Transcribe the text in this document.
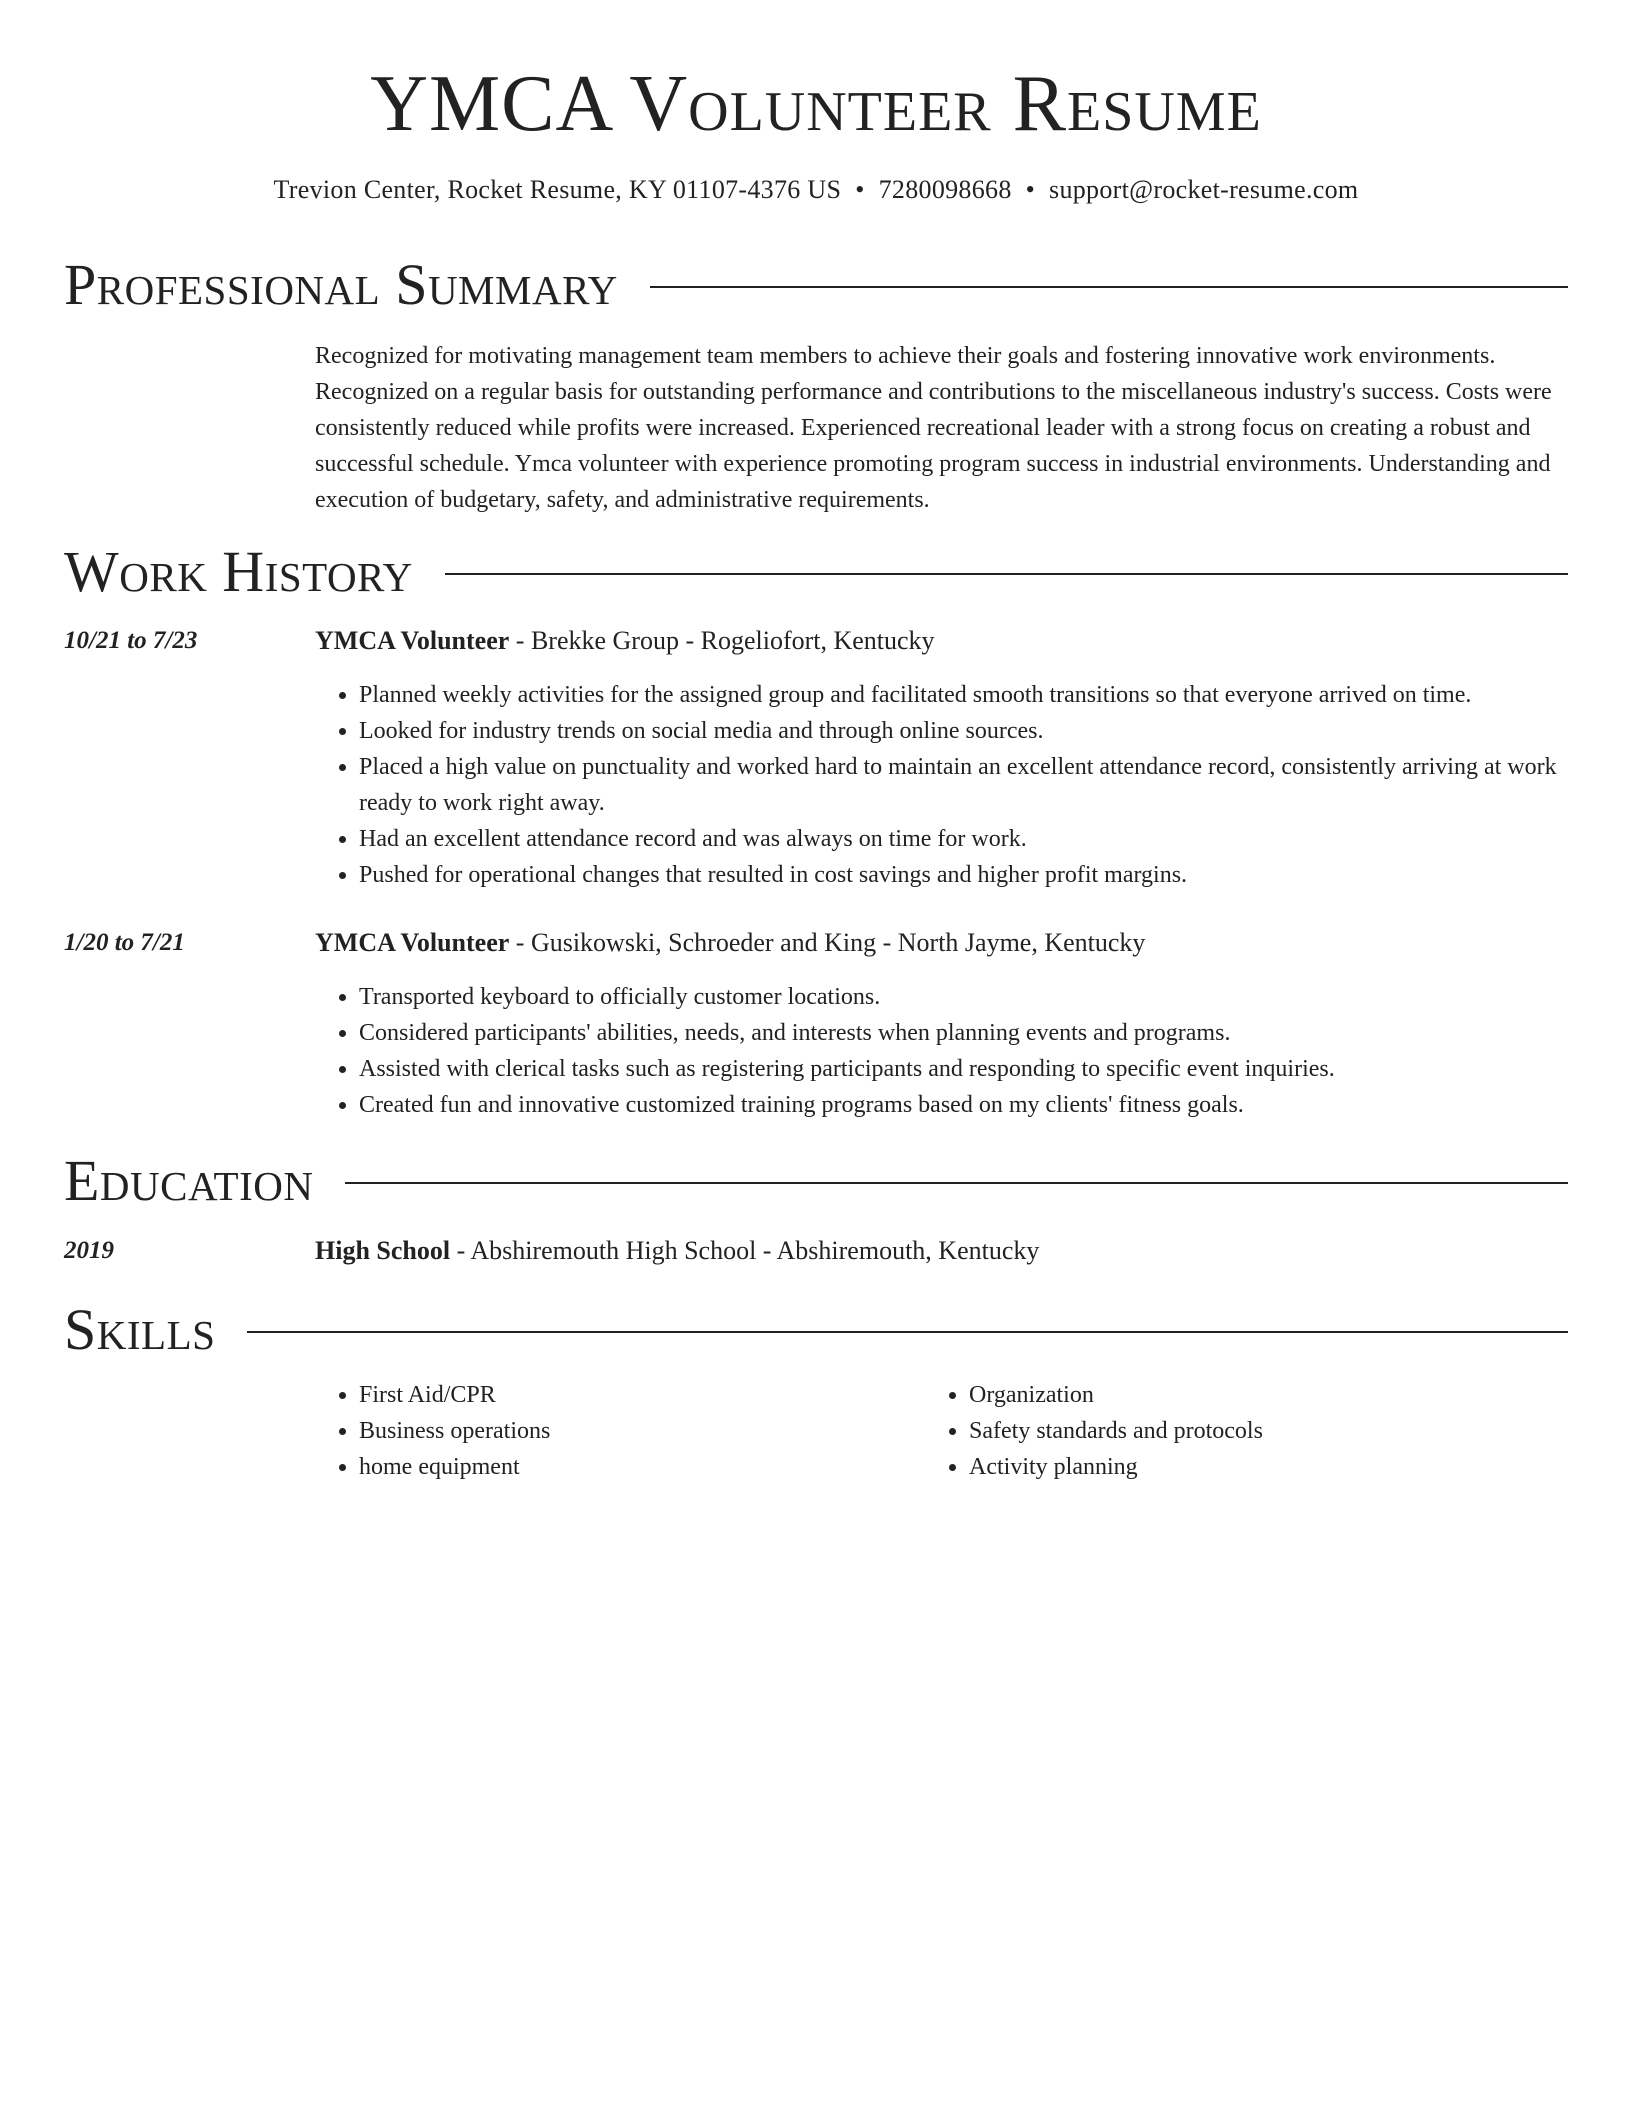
YMCA Volunteer Resume
Trevion Center, Rocket Resume, KY 01107-4376 US • 7280098668 • support@rocket-resume.com
Professional Summary

Recognized for motivating management team members to achieve their goals and fostering innovative work environments. Recognized on a regular basis for outstanding performance and contributions to the miscellaneous industry's success. Costs were consistently reduced while profits were increased. Experienced recreational leader with a strong focus on creating a robust and successful schedule. Ymca volunteer with experience promoting program success in industrial environments. Understanding and execution of budgetary, safety, and administrative requirements.

Work History
10/21 to 7/23	YMCA Volunteer - Brekke Group - Rogeliofort, Kentucky
• Planned weekly activities for the assigned group and facilitated smooth transitions so that everyone arrived on time.
• Looked for industry trends on social media and through online sources.
• Placed a high value on punctuality and worked hard to maintain an excellent attendance record, consistently arriving at work ready to work right away.
• Had an excellent attendance record and was always on time for work.
• Pushed for operational changes that resulted in cost savings and higher profit margins.
1/20 to 7/21	YMCA Volunteer - Gusikowski, Schroeder and King - North Jayme, Kentucky
• Transported keyboard to officially customer locations.
• Considered participants' abilities, needs, and interests when planning events and programs.
• Assisted with clerical tasks such as registering participants and responding to specific event inquiries.
• Created fun and innovative customized training programs based on my clients' fitness goals.
Education
2019	High School - Abshiremouth High School - Abshiremouth, Kentucky
Skills
• First Aid/CPR
• Business operations
• home equipment
• Organization
• Safety standards and protocols
• Activity planning
